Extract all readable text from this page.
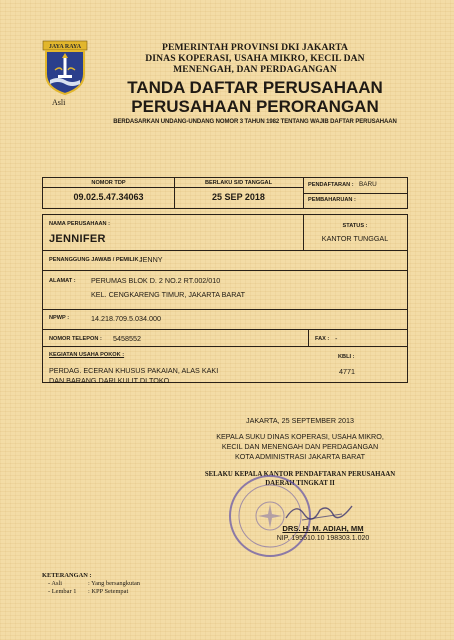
JAYA RAYA
Asli
PEMERINTAH PROVINSI DKI JAKARTA
DINAS KOPERASI, USAHA MIKRO, KECIL DAN
MENENGAH, DAN PERDAGANGAN
TANDA DAFTAR PERUSAHAAN
PERUSAHAAN PERORANGAN
BERDASARKAN UNDANG-UNDANG NOMOR 3 TAHUN 1982 TENTANG WAJIB DAFTAR PERUSAHAAN
NOMOR TDP
09.02.5.47.34063
BERLAKU S/D TANGGAL
25 SEP 2018
PENDAFTARAN : BARU
PEMBAHARUAN :
NAMA PERUSAHAAN :
JENNIFER
STATUS :
KANTOR TUNGGAL
PENANGGUNG JAWAB / PEMILIK :
JENNY
ALAMAT : PERUMAS BLOK D. 2 NO.2 RT.002/010
KEL. CENGKARENG TIMUR, JAKARTA BARAT
NPWP :	14.218.709.5.034.000
NOMOR TELEPON : 5458552	FAX : -
KEGIATAN USAHA POKOK :
PERDAG. ECERAN KHUSUS PAKAIAN, ALAS KAKI
DAN BARANG DARI KULIT DI TOKO
KBLI :
4771
JAKARTA, 25 SEPTEMBER 2013
KEPALA SUKU DINAS KOPERASI, USAHA MIKRO,
KECIL DAN MENENGAH DAN PERDAGANGAN
KOTA ADMINISTRASI JAKARTA BARAT
SELAKU KEPALA KANTOR PENDAFTARAN PERUSAHAAN
DAERAH TINGKAT II
DRS. H. M. ADIAH, MM
NIP. 195510.10 198303.1.020
KETERANGAN :
- Asli	: Yang bersangkutan
- Lembar 1	: KPP Setempat
